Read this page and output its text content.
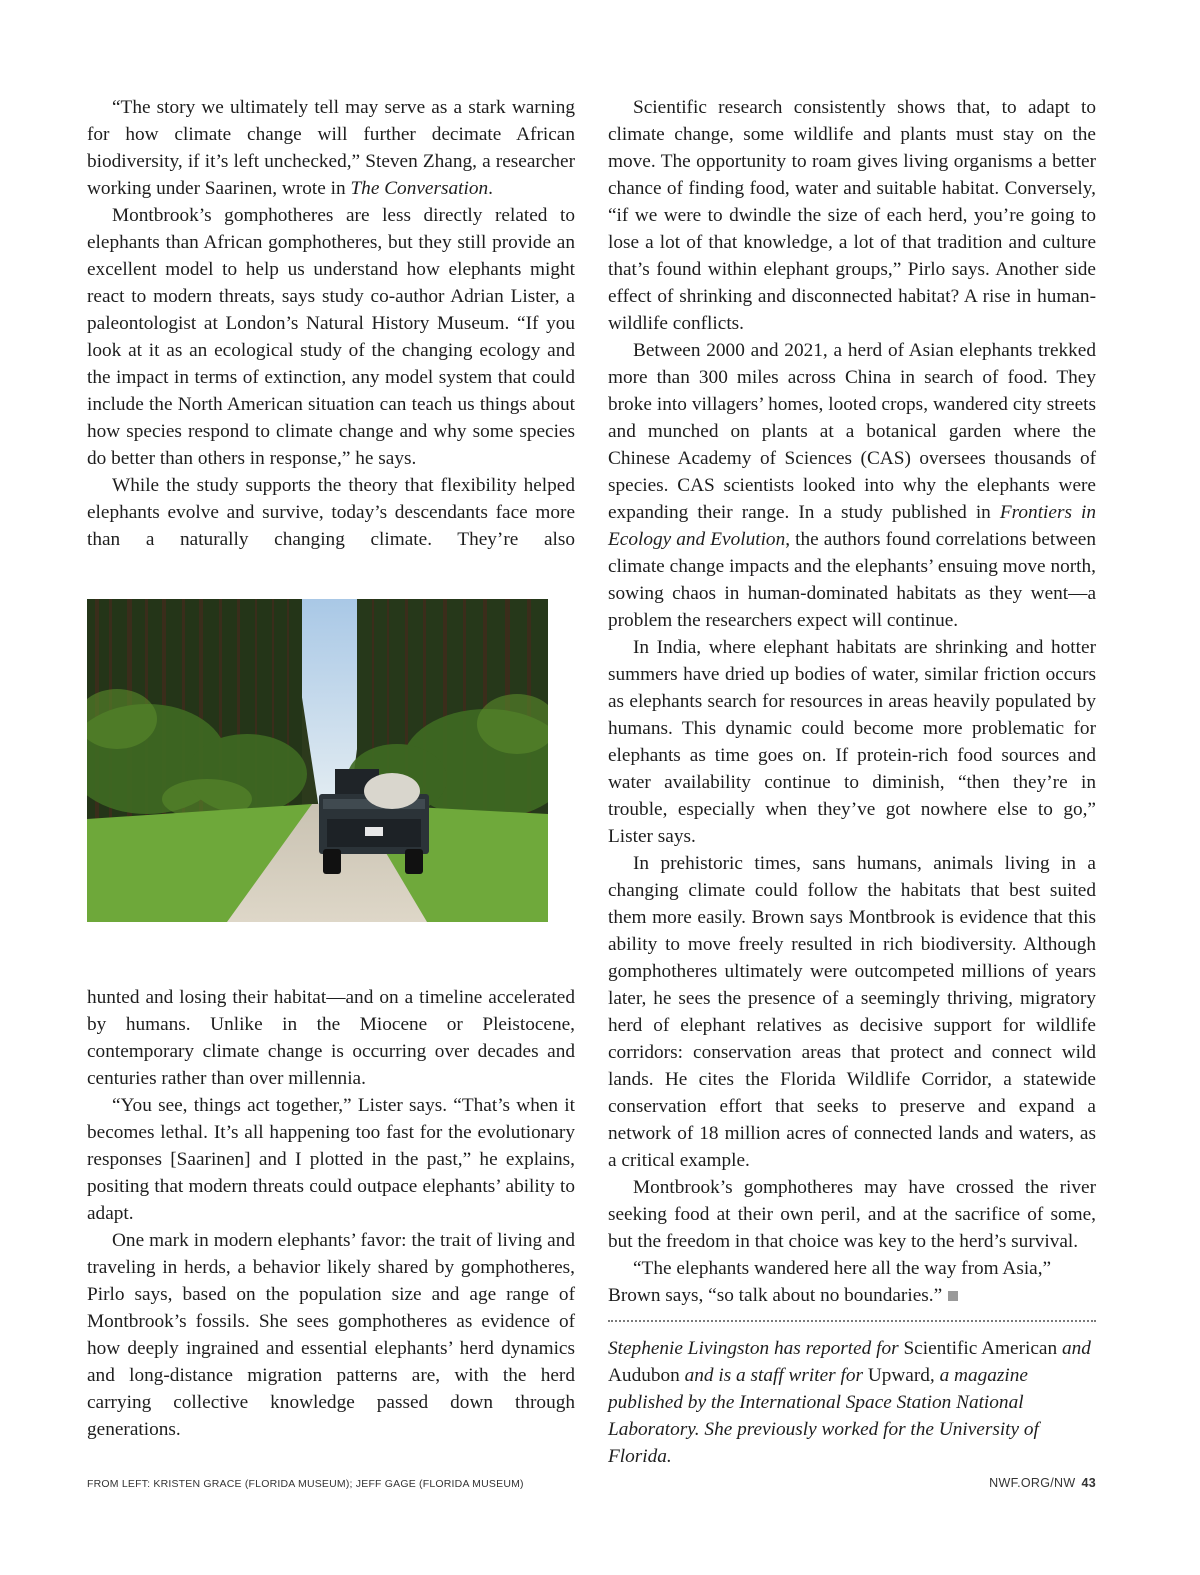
“The story we ultimately tell may serve as a stark warning for how climate change will further decimate African biodiversity, if it’s left unchecked,” Steven Zhang, a researcher working under Saarinen, wrote in The Conversation.

Montbrook’s gomphotheres are less directly related to elephants than African gomphotheres, but they still provide an excellent model to help us understand how elephants might react to modern threats, says study co-author Adrian Lister, a paleontologist at London’s Natural History Museum. “If you look at it as an ecological study of the changing ecology and the impact in terms of extinction, any model system that could include the North American situation can teach us things about how species respond to climate change and why some species do better than others in response,” he says.

While the study supports the theory that flexibility helped elephants evolve and survive, today’s descendants face more than a naturally changing climate. They’re also

hunted and losing their habitat—and on a timeline accelerated by humans. Unlike in the Miocene or Pleistocene, contemporary climate change is occurring over decades and centuries rather than over millennia.

“You see, things act together,” Lister says. “That’s when it becomes lethal. It’s all happening too fast for the evolutionary responses [Saarinen] and I plotted in the past,” he explains, positing that modern threats could outpace elephants’ ability to adapt.

One mark in modern elephants’ favor: the trait of living and traveling in herds, a behavior likely shared by gomphotheres, Pirlo says, based on the population size and age range of Montbrook’s fossils. She sees gomphotheres as evidence of how deeply ingrained and essential elephants’ herd dynamics and long-distance migration patterns are, with the herd carrying collective knowledge passed down through generations.

Scientific research consistently shows that, to adapt to climate change, some wildlife and plants must stay on the move. The opportunity to roam gives living organisms a better chance of finding food, water and suitable habitat. Conversely, “if we were to dwindle the size of each herd, you’re going to lose a lot of that knowledge, a lot of that tradition and culture that’s found within elephant groups,” Pirlo says. Another side effect of shrinking and disconnected habitat? A rise in human-wildlife conflicts.

Between 2000 and 2021, a herd of Asian elephants trekked more than 300 miles across China in search of food. They broke into villagers’ homes, looted crops, wandered city streets and munched on plants at a botanical garden where the Chinese Academy of Sciences (CAS) oversees thousands of species. CAS scientists looked into why the elephants were expanding their range. In a study published in Frontiers in Ecology and Evolution, the authors found correlations between climate change impacts and the elephants’ ensuing move north, sowing chaos in human-dominated habitats as they went—a problem the researchers expect will continue.

In India, where elephant habitats are shrinking and hotter summers have dried up bodies of water, similar friction occurs as elephants search for resources in areas heavily populated by humans. This dynamic could become more problematic for elephants as time goes on. If protein-rich food sources and water availability continue to diminish, “then they’re in trouble, especially when they’ve got nowhere else to go,” Lister says.

In prehistoric times, sans humans, animals living in a changing climate could follow the habitats that best suited them more easily. Brown says Montbrook is evidence that this ability to move freely resulted in rich biodiversity. Although gomphotheres ultimately were outcompeted millions of years later, he sees the presence of a seemingly thriving, migratory herd of elephant relatives as decisive support for wildlife corridors: conservation areas that protect and connect wild lands. He cites the Florida Wildlife Corridor, a statewide conservation effort that seeks to preserve and expand a network of 18 million acres of connected lands and waters, as a critical example.

Montbrook’s gomphotheres may have crossed the river seeking food at their own peril, and at the sacrifice of some, but the freedom in that choice was key to the herd’s survival.

“The elephants wandered here all the way from Asia,” Brown says, “so talk about no boundaries.”

Stephenie Livingston has reported for Scientific American and Audubon and is a staff writer for Upward, a magazine published by the International Space Station National Laboratory. She previously worked for the University of Florida.
FROM LEFT: KRISTEN GRACE (FLORIDA MUSEUM); JEFF GAGE (FLORIDA MUSEUM)	NWF.ORG/NW 43
